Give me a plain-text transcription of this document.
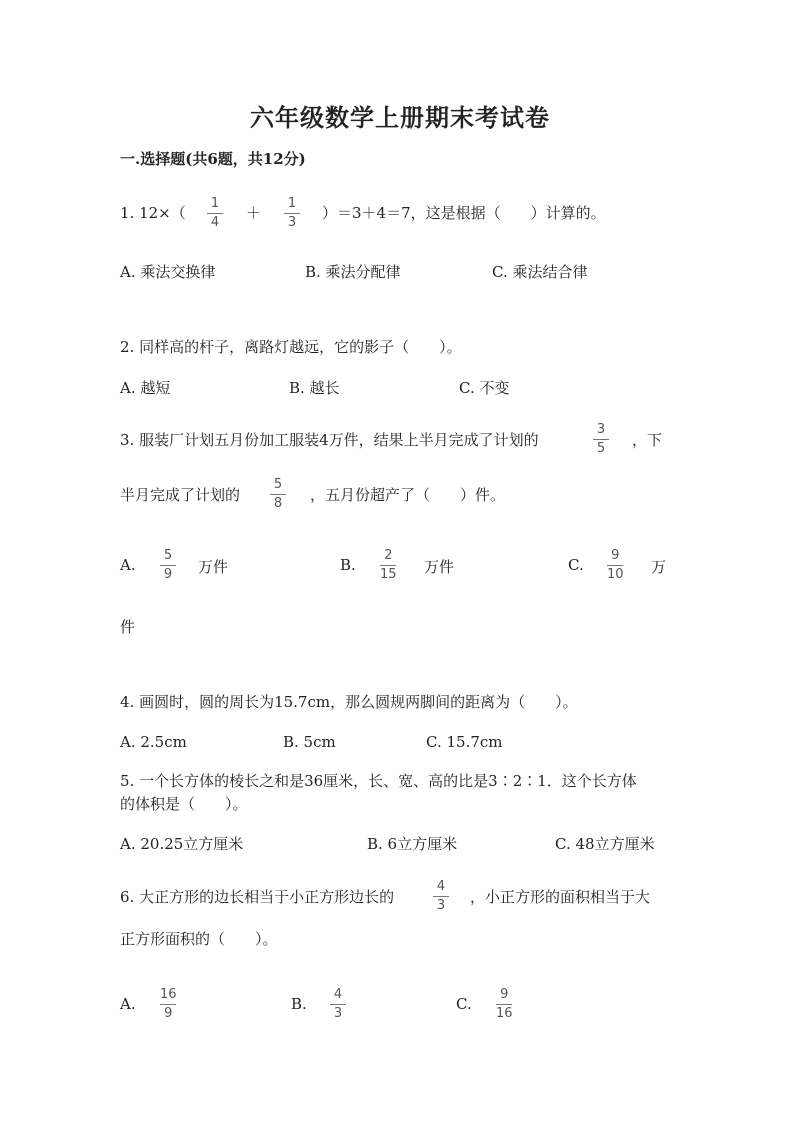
六年级数学上册期末考试卷
一.选择题(共6题，共12分)
1. 12×（
1
4
＋
1
3
）＝3＋4＝7，这是根据（　　）计算的。
A. 乘法交换律	B. 乘法分配律	C. 乘法结合律
2. 同样高的杆子，离路灯越远，它的影子（　　）。
A. 越短	B. 越长	C. 不变
3. 服装厂计划五月份加工服装4万件，结果上半月完成了计划的
3
5 ，下
半月完成了计划的
5
8 ，五月份超产了（　　）件。
A.
5
9 万件	B.
2
15 万件	C.
9
10 万
件
4. 画圆时，圆的周长为15.7cm，那么圆规两脚间的距离为（　　）。
A. 2.5cm	B. 5cm	C. 15.7cm
5. 一个长方体的棱长之和是36厘米，长、宽、高的比是3∶2∶1．这个长方体
的体积是（　　）。
A. 20.25立方厘米	B. 6立方厘米	C. 48立方厘米
6. 大正方形的边长相当于小正方形边长的
4
3 ，小正方形的面积相当于大
正方形面积的（　　）。
A.
16
9
B.
4
3
C.
9
16
